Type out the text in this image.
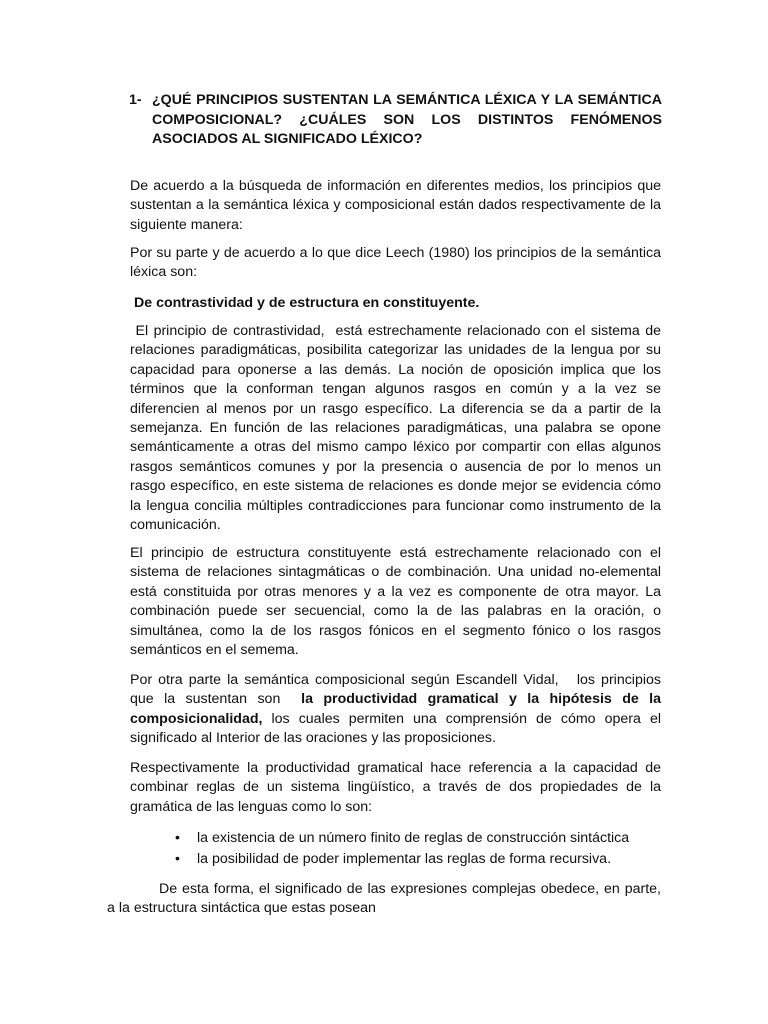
1- ¿QUÉ PRINCIPIOS SUSTENTAN LA SEMÁNTICA LÉXICA Y LA SEMÁNTICA COMPOSICIONAL? ¿CUÁLES SON LOS DISTINTOS FENÓMENOS ASOCIADOS AL SIGNIFICADO LÉXICO?

De acuerdo a la búsqueda de información en diferentes medios, los principios que sustentan a la semántica léxica y composicional están dados respectivamente de la siguiente manera:

Por su parte y de acuerdo a lo que dice Leech (1980) los principios de la semántica léxica son:

De contrastividad y de estructura en constituyente.

El principio de contrastividad,  está estrechamente relacionado con el sistema de relaciones paradigmáticas, posibilita categorizar las unidades de la lengua por su capacidad para oponerse a las demás. La noción de oposición implica que los términos que la conforman tengan algunos rasgos en común y a la vez se diferencien al menos por un rasgo específico. La diferencia se da a partir de la semejanza. En función de las relaciones paradigmáticas, una palabra se opone semánticamente a otras del mismo campo léxico por compartir con ellas algunos rasgos semánticos comunes y por la presencia o ausencia de por lo menos un rasgo específico, en este sistema de relaciones es donde mejor se evidencia cómo la lengua concilia múltiples contradicciones para funcionar como instrumento de la comunicación.

El principio de estructura constituyente está estrechamente relacionado con el sistema de relaciones sintagmáticas o de combinación. Una unidad no-elemental está constituida por otras menores y a la vez es componente de otra mayor. La combinación puede ser secuencial, como la de las palabras en la oración, o simultánea, como la de los rasgos fónicos en el segmento fónico o los rasgos semánticos en el semema.

Por otra parte la semántica composicional según Escandell Vidal,   los principios que la sustentan son  la productividad gramatical y la hipótesis de la composicionalidad, los cuales permiten una comprensión de cómo opera el significado al Interior de las oraciones y las proposiciones.

Respectivamente la productividad gramatical hace referencia a la capacidad de combinar reglas de un sistema lingüístico, a través de dos propiedades de la gramática de las lenguas como lo son:

• la existencia de un número finito de reglas de construcción sintáctica
• la posibilidad de poder implementar las reglas de forma recursiva.

De esta forma, el significado de las expresiones complejas obedece, en parte, a la estructura sintáctica que estas posean
